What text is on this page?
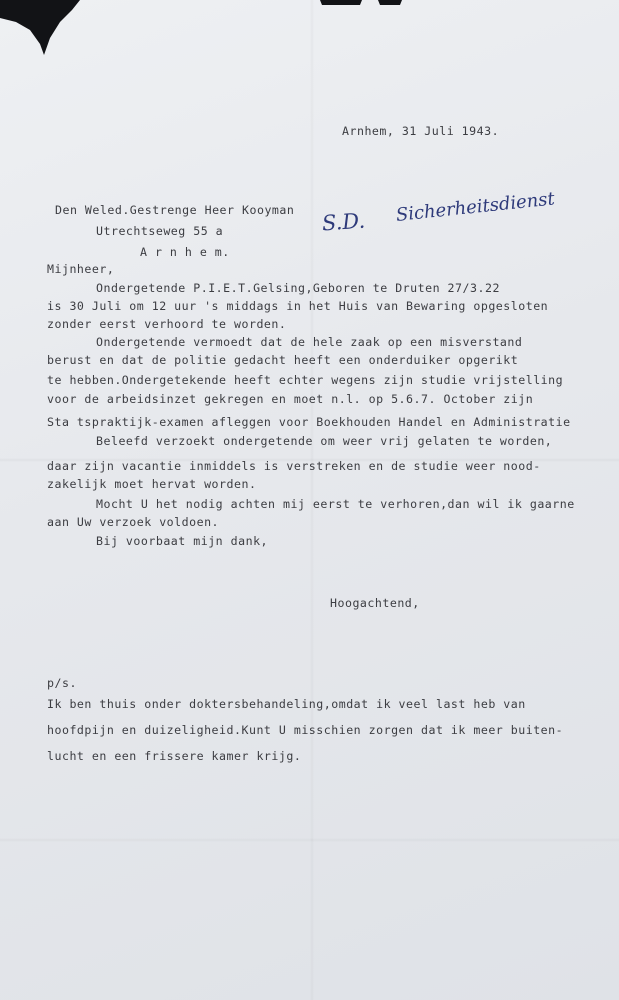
Arnhem, 31 Juli 1943.
Den Weled.Gestrenge Heer Kooyman
Utrechtseweg 55 a
A r n h e m.
S.D. Sicherheitsdienst
Mijnheer,
Ondergetende P.I.E.T.Gelsing,Geboren te Druten 27/3.22
is 30 Juli om 12 uur 's middags in het Huis van Bewaring opgesloten
zonder eerst verhoord te worden.
Ondergetende vermoedt dat de hele zaak op een misverstand
berust en dat de politie gedacht heeft een onderduiker opgerikt
te hebben.Ondergetekende heeft echter wegens zijn studie vrijstelling
voor de arbeidsinzet gekregen en moet n.l. op 5.6.7. October zijn
Sta tspraktijk-examen afleggen voor Boekhouden Handel en Administratie
Beleefd verzoekt ondergetende om weer vrij gelaten te worden,
daar zijn vacantie inmiddels is verstreken en de studie weer nood-
zakelijk moet hervat worden.
Mocht U het nodig achten mij eerst te verhoren,dan wil ik gaarne
aan Uw verzoek voldoen.
Bij voorbaat mijn dank,
Hoogachtend,
p/s.
Ik ben thuis onder doktersbehandeling,omdat ik veel last heb van
hoofdpijn en duizeligheid.Kunt U misschien zorgen dat ik meer buiten-
lucht en een frissere kamer krijg.
